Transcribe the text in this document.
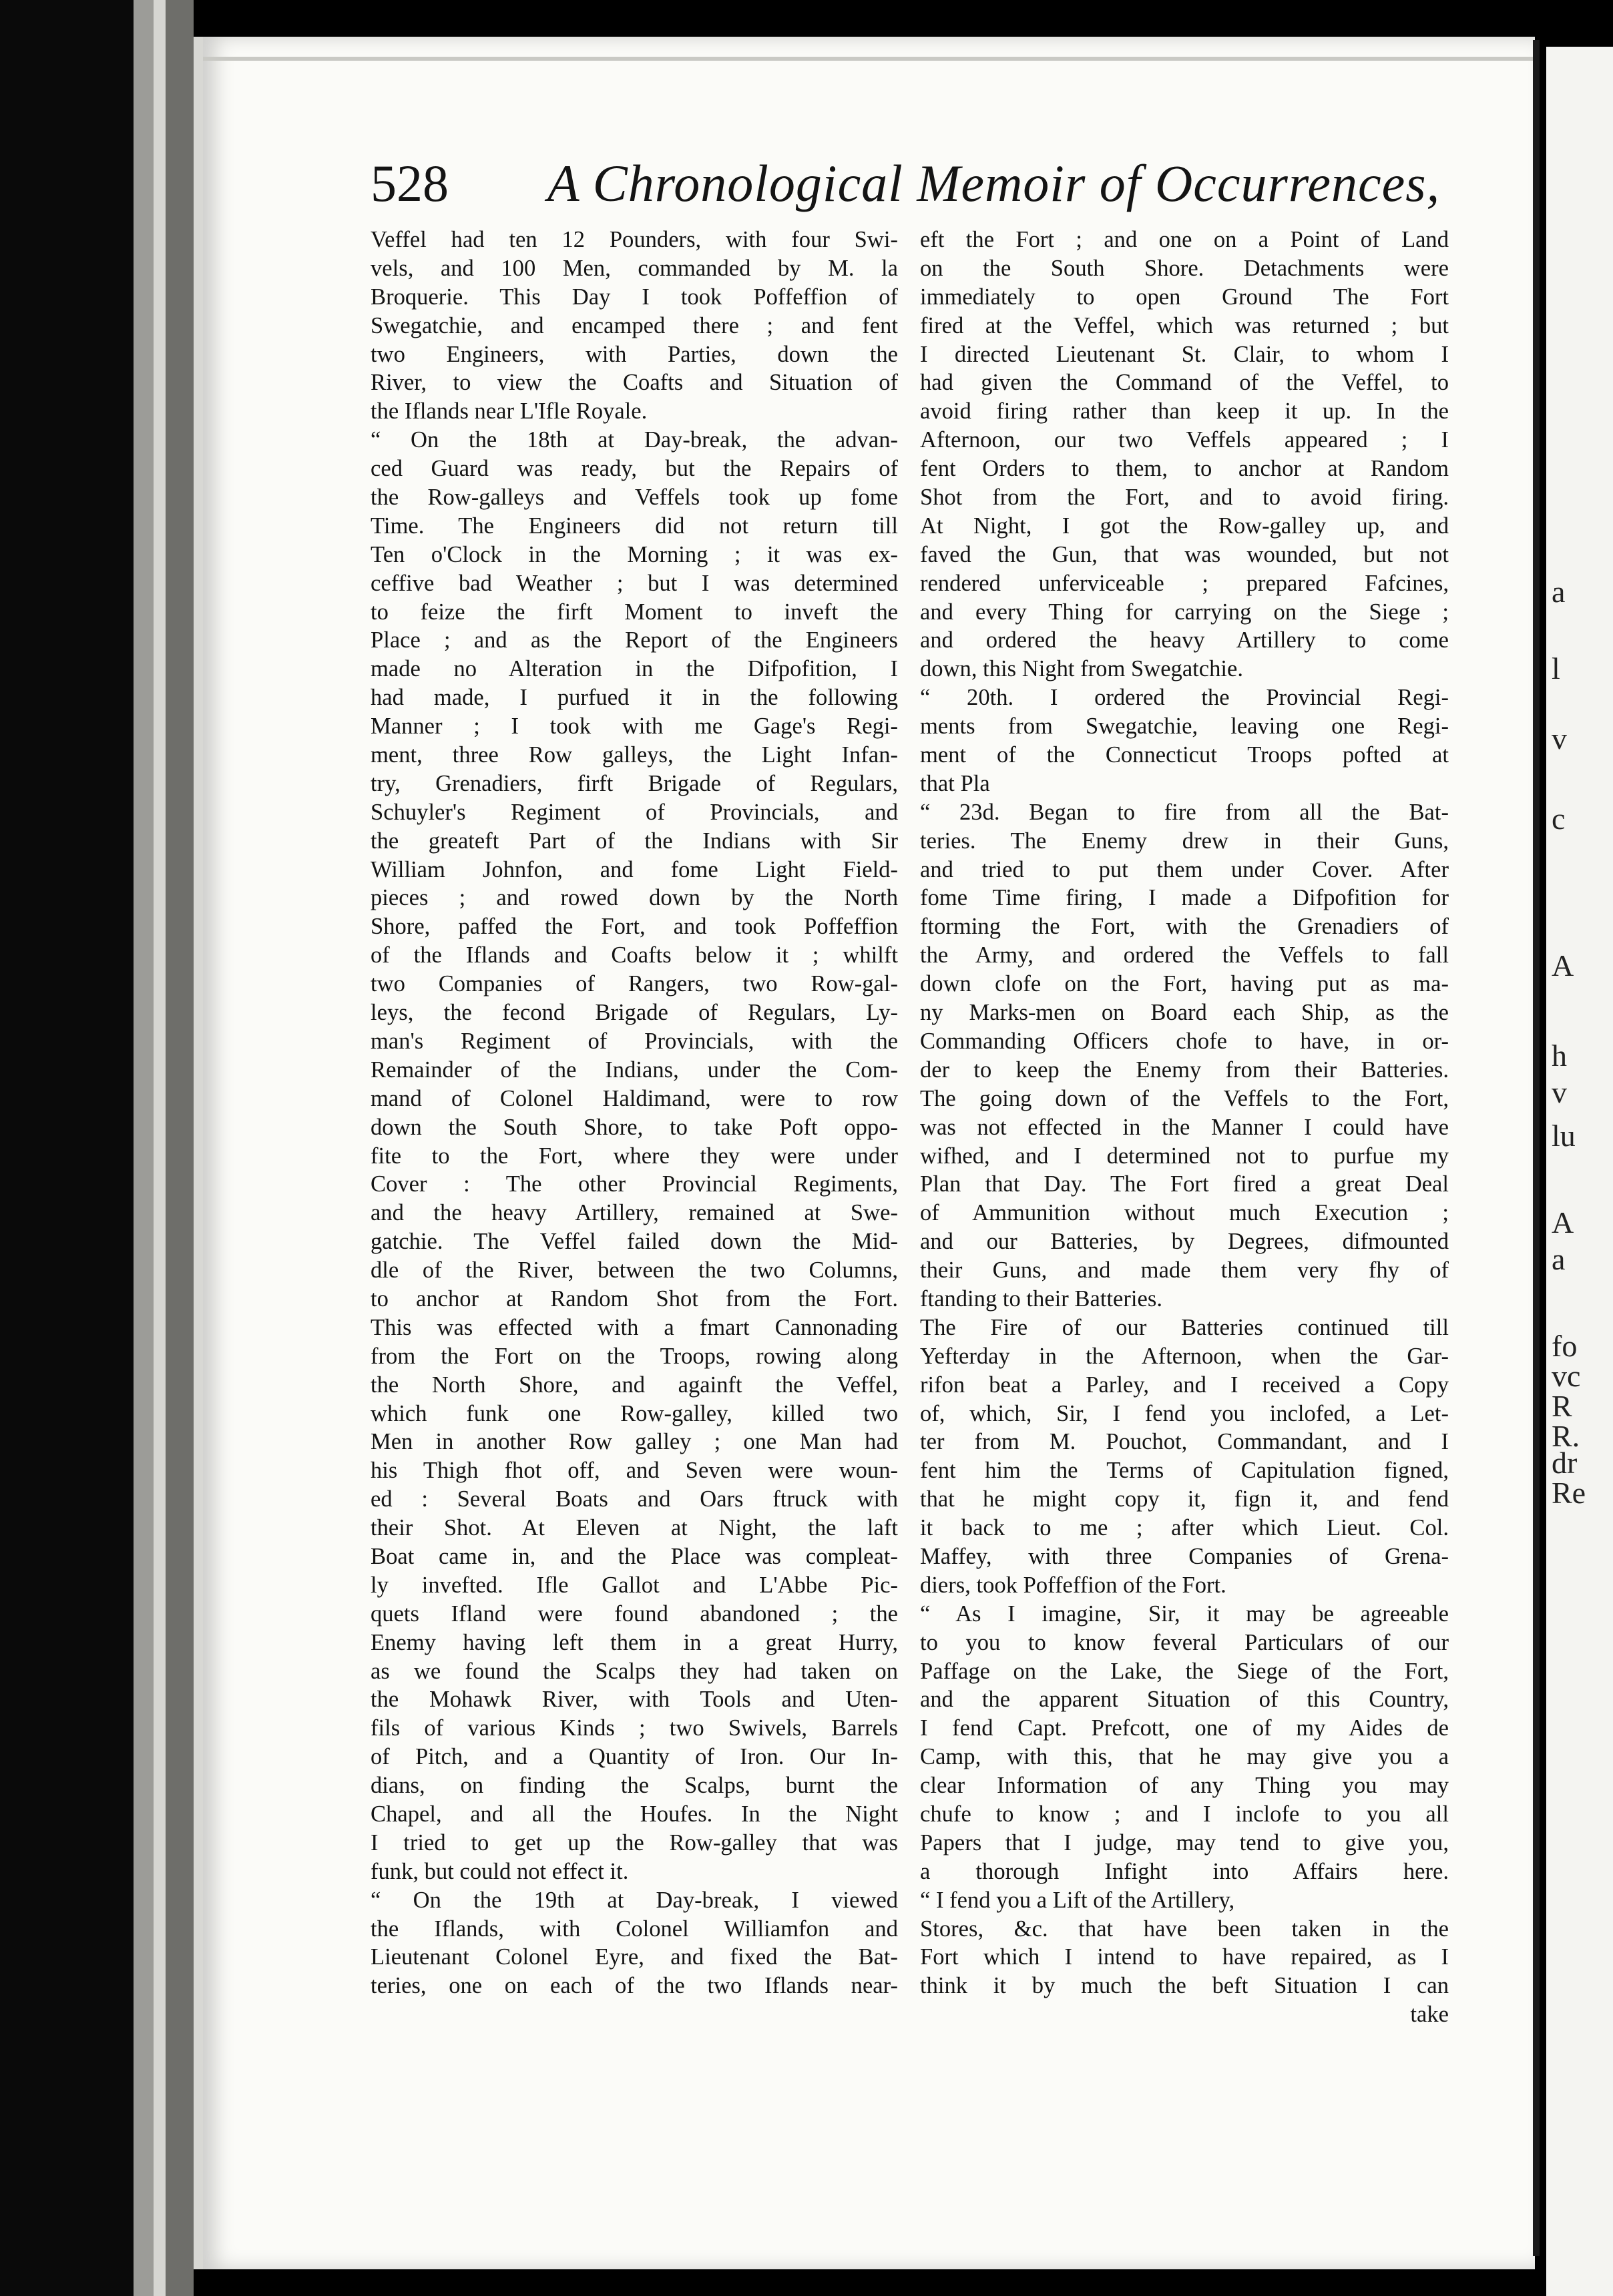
a
l
v
c
A
h
v
lu
A
a
fo
vc
R
R.
dr
Re
528 A Chronological Memoir of Occurrences,
Veffel had ten 12 Pounders, with four Swi-
vels, and 100 Men, commanded by M. la
Broquerie. This Day I took Poffeffion of
Swegatchie, and encamped there ; and fent
two Engineers, with Parties, down the
River, to view the Coafts and Situation of
the Iflands near L'Ifle Royale.
“ On the 18th at Day-break, the advan-
ced Guard was ready, but the Repairs of
the Row-galleys and Veffels took up fome
Time. The Engineers did not return till
Ten o'Clock in the Morning ; it was ex-
ceffive bad Weather ; but I was determined
to feize the firft Moment to inveft the
Place ; and as the Report of the Engineers
made no Alteration in the Difpofition, I
had made, I purfued it in the following
Manner ; I took with me Gage's Regi-
ment, three Row galleys, the Light Infan-
try, Grenadiers, firft Brigade of Regulars,
Schuyler's Regiment of Provincials, and
the greateft Part of the Indians with Sir
William Johnfon, and fome Light Field-
pieces ; and rowed down by the North
Shore, paffed the Fort, and took Poffeffion
of the Iflands and Coafts below it ; whilft
two Companies of Rangers, two Row-gal-
leys, the fecond Brigade of Regulars, Ly-
man's Regiment of Provincials, with the
Remainder of the Indians, under the Com-
mand of Colonel Haldimand, were to row
down the South Shore, to take Poft oppo-
fite to the Fort, where they were under
Cover : The other Provincial Regiments,
and the heavy Artillery, remained at Swe-
gatchie. The Veffel failed down the Mid-
dle of the River, between the two Columns,
to anchor at Random Shot from the Fort.
This was effected with a fmart Cannonading
from the Fort on the Troops, rowing along
the North Shore, and againft the Veffel,
which funk one Row-galley, killed two
Men in another Row galley ; one Man had
his Thigh fhot off, and Seven were woun-
ed : Several Boats and Oars ftruck with
their Shot. At Eleven at Night, the laft
Boat came in, and the Place was compleat-
ly invefted. Ifle Gallot and L'Abbe Pic-
quets Ifland were found abandoned ; the
Enemy having left them in a great Hurry,
as we found the Scalps they had taken on
the Mohawk River, with Tools and Uten-
fils of various Kinds ; two Swivels, Barrels
of Pitch, and a Quantity of Iron. Our In-
dians, on finding the Scalps, burnt the
Chapel, and all the Houfes. In the Night
I tried to get up the Row-galley that was
funk, but could not effect it.
“ On the 19th at Day-break, I viewed
the Iflands, with Colonel Williamfon and
Lieutenant Colonel Eyre, and fixed the Bat-
teries, one on each of the two Iflands near-
eft the Fort ; and one on a Point of Land
on the South Shore. Detachments were
immediately to open Ground The Fort
fired at the Veffel, which was returned ; but
I directed Lieutenant St. Clair, to whom I
had given the Command of the Veffel, to
avoid firing rather than keep it up. In the
Afternoon, our two Veffels appeared ; I
fent Orders to them, to anchor at Random
Shot from the Fort, and to avoid firing.
At Night, I got the Row-galley up, and
faved the Gun, that was wounded, but not
rendered unferviceable ; prepared Fafcines,
and every Thing for carrying on the Siege ;
and ordered the heavy Artillery to come
down, this Night from Swegatchie.
“ 20th. I ordered the Provincial Regi-
ments from Swegatchie, leaving one Regi-
ment of the Connecticut Troops pofted at
that Pla
“ 23d. Began to fire from all the Bat-
teries. The Enemy drew in their Guns,
and tried to put them under Cover. After
fome Time firing, I made a Difpofition for
ftorming the Fort, with the Grenadiers of
the Army, and ordered the Veffels to fall
down clofe on the Fort, having put as ma-
ny Marks-men on Board each Ship, as the
Commanding Officers chofe to have, in or-
der to keep the Enemy from their Batteries.
The going down of the Veffels to the Fort,
was not effected in the Manner I could have
wifhed, and I determined not to purfue my
Plan that Day. The Fort fired a great Deal
of Ammunition without much Execution ;
and our Batteries, by Degrees, difmounted
their Guns, and made them very fhy of
ftanding to their Batteries.
The Fire of our Batteries continued till
Yefterday in the Afternoon, when the Gar-
rifon beat a Parley, and I received a Copy
of, which, Sir, I fend you inclofed, a Let-
ter from M. Pouchot, Commandant, and I
fent him the Terms of Capitulation figned,
that he might copy it, fign it, and fend
it back to me ; after which Lieut. Col.
Maffey, with three Companies of Grena-
diers, took Poffeffion of the Fort.
“ As I imagine, Sir, it may be agreeable
to you to know feveral Particulars of our
Paffage on the Lake, the Siege of the Fort,
and the apparent Situation of this Country,
I fend Capt. Prefcott, one of my Aides de
Camp, with this, that he may give you a
clear Information of any Thing you may
chufe to know ; and I inclofe to you all
Papers that I judge, may tend to give you,
a thorough Infight into Affairs here.
“ I fend you a Lift of the Artillery,
Stores, &c. that have been taken in the
Fort which I intend to have repaired, as I
think it by much the beft Situation I can
take
